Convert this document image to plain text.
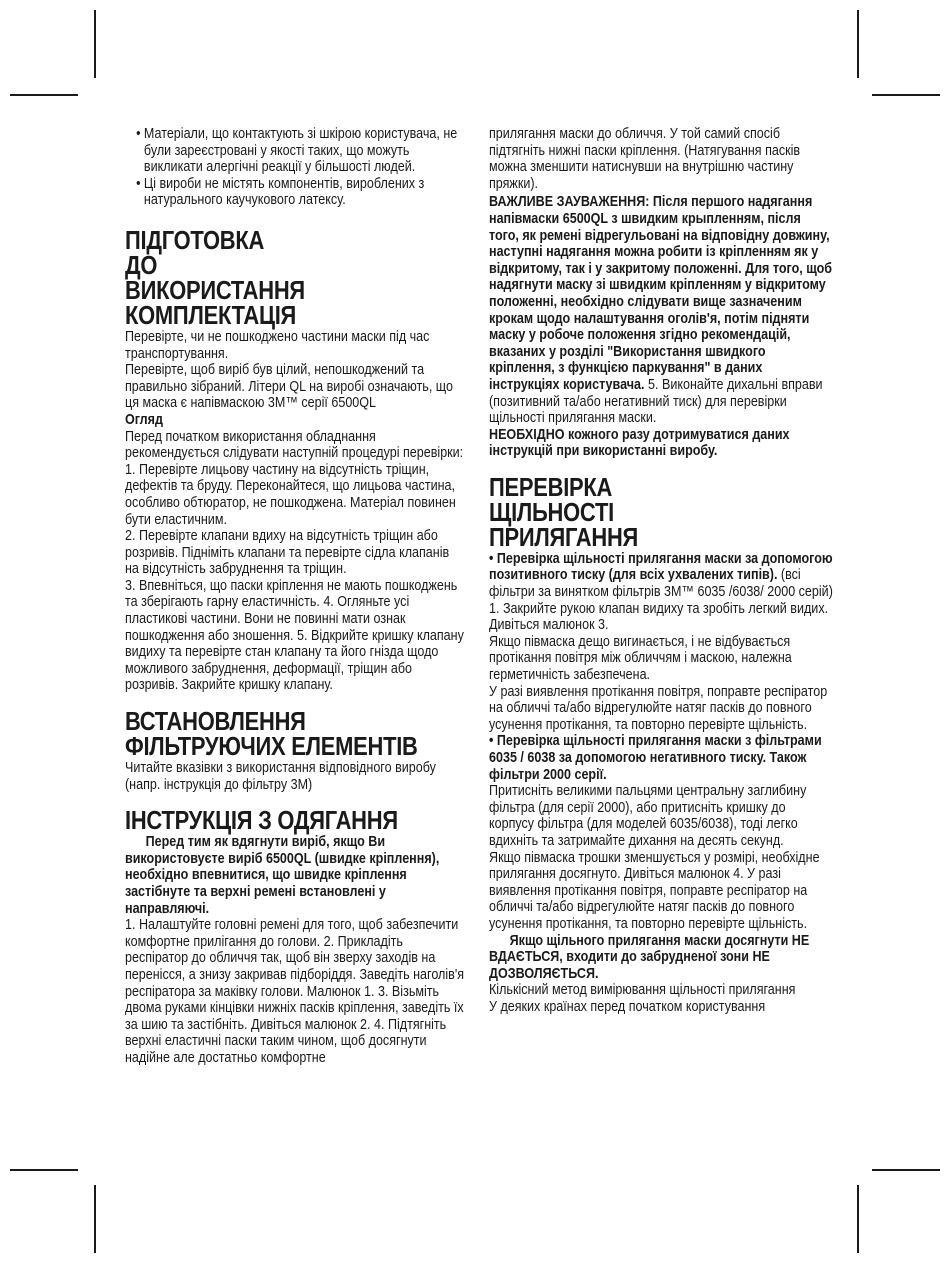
• Матеріали, що контактують зі шкірою користувача, не були зареєстровані у якості таких, що можуть викликати алергічні реакції у більшості людей.
• Ці вироби не містять компонентів, вироблених з натурального каучукового латексу.
ПІДГОТОВКА ДО ВИКОРИСТАННЯ КОМПЛЕКТАЦІЯ

Перевірте, чи не пошкоджено частини маски під час транспортування.

Перевірте, щоб виріб був цілий, непошкоджений та правильно зібраний. Літери QL на виробі означають, що ця маска є напівмаскою 3M™ серії 6500QL

Огляд

Перед початком використання обладнання рекомендується слідувати наступній процедурі перевірки:

1. Перевірте лицьову частину на відсутність тріщин, дефектів та бруду. Переконайтеся, що лицьова частина, особливо обтюратор, не пошкоджена. Матеріал повинен бути еластичним.

2. Перевірте клапани вдиху на відсутність тріщин або розривів. Підніміть клапани та перевірте сідла клапанів на відсутність забруднення та тріщин.

3. Впевніться, що паски кріплення не мають пошкоджень та зберігають гарну еластичність. 4. Огляньте усі пластикові частини. Вони не повинні мати ознак пошкодження або зношення. 5. Відкрийте кришку клапану видиху та перевірте стан клапану та його гнізда щодо можливого забруднення, деформації, тріщин або розривів. Закрийте кришку клапану.

ВСТАНОВЛЕННЯ ФІЛЬТРУЮЧИХ ЕЛЕМЕНТІВ

Читайте вказівки з використання відповідного виробу (напр. інструкція до фільтру 3M)

ІНСТРУКЦІЯ З ОДЯГАННЯ

Перед тим як вдягнути виріб, якщо Ви використовуєте виріб 6500QL (швидке кріплення), необхідно впевнитися, що швидке кріплення застібнуте та верхні ремені встановлені у направляючі.

1. Налаштуйте головні ремені для того, щоб забезпечити комфортне прилігання до голови. 2. Прикладіть респіратор до обличчя так, щоб він зверху заходів на перенісся, а знизу закривав підборіддя. Заведіть наголів'я респіратора за маківку голови. Малюнок 1. 3. Візьміть двома руками кінцівки нижніх пасків кріплення, заведіть їх за шию та застібніть. Дивіться малюнок 2. 4. Підтягніть верхні еластичні паски таким чином, щоб досягнути надійне але достатньо комфортне

прилягання маски до обличчя. У той самий спосіб підтягніть нижні паски кріплення. (Натягування пасків можна зменшити натиснувши на внутрішню частину пряжки).

ВАЖЛИВЕ ЗАУВАЖЕННЯ: Після першого надягання напівмаски 6500QL з швидким крыпленням, після того, як ремені відрегульовані на відповідну довжину, наступні надягання можна робити із кріпленням як у відкритому, так і у закритому положенні. Для того, щоб надягнути маску зі швидким кріпленням у відкритому положенні, необхідно слідувати вище зазначеним крокам щодо налаштування оголів'я, потім підняти маску у робоче положення згідно рекомендацій, вказаних у розділі "Використання швидкого кріплення, з функцією паркування" в даних інструкціях користувача. 5. Виконайте дихальні вправи (позитивний та/або негативний тиск) для перевірки щільності прилягання маски.

НЕОБХІДНО кожного разу дотримуватися даних інструкцій при використанні виробу.

ПЕРЕВІРКА ЩІЛЬНОСТІ ПРИЛЯГАННЯ

• Перевірка щільності прилягання маски за допомогою позитивного тиску (для всіх ухвалених типів). (всі фільтри за винятком фільтрів 3M™ 6035 /6038/ 2000 серій)

1. Закрийте рукою клапан видиху та зробіть легкий видих. Дивіться малюнок 3.

Якщо півмаска дещо вигинається, і не відбувається протікання повітря між обличчям і маскою, належна герметичність забезпечена.

У разі виявлення протікання повітря, поправте респіратор на обличчі та/або відрегулюйте натяг пасків до повного усунення протікання, та повторно перевірте щільність.

• Перевірка щільності прилягання маски з фільтрами 6035 / 6038 за допомогою негативного тиску. Також фільтри 2000 серії.

Притисніть великими пальцями центральну заглибину фільтра (для серії 2000), або притисніть кришку до корпусу фільтра (для моделей 6035/6038), тоді легко вдихніть та затримайте дихання на десять секунд.

Якщо півмаска трошки зменшується у розмірі, необхідне прилягання досягнуто. Дивіться малюнок 4. У разі виявлення протікання повітря, поправте респіратор на обличчі та/або відрегулюйте натяг пасків до повного усунення протікання, та повторно перевірте щільність.

Якщо щільного прилягання маски досягнути НЕ ВДАЄТЬСЯ, входити до забрудненої зони НЕ ДОЗВОЛЯЄТЬСЯ.

Кількісний метод вимірювання щільності прилягання

У деяких країнах перед початком користування
